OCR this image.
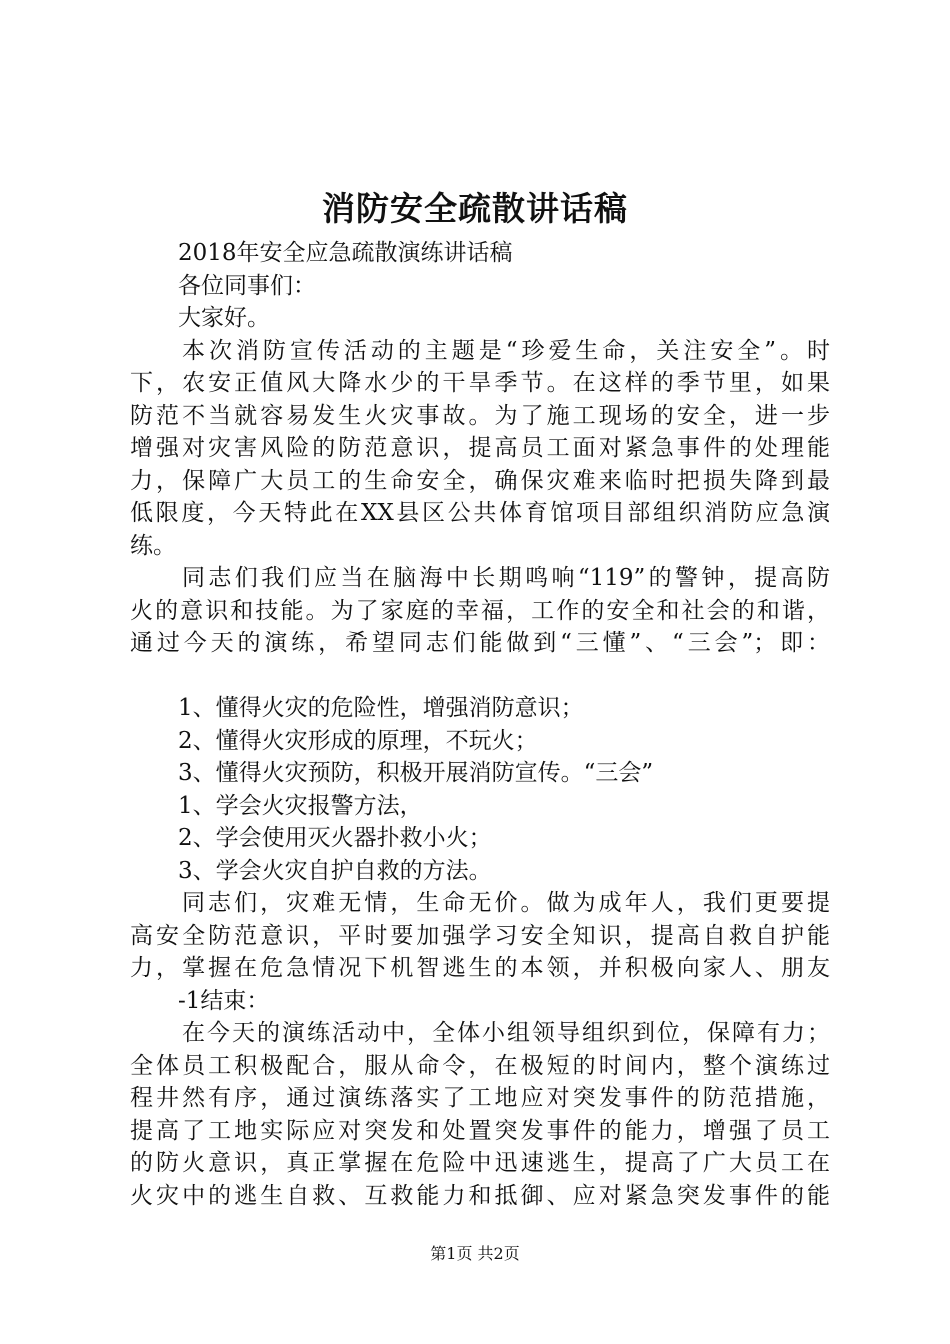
消防安全疏散讲话稿
2018年安全应急疏散演练讲话稿
各位同事们：
大家好。
本次消防宣传活动的主题是“珍爱生命，关注安全”。时
下，农安正值风大降水少的干旱季节。在这样的季节里，如果
防范不当就容易发生火灾事故。为了施工现场的安全，进一步
增强对灾害风险的防范意识，提高员工面对紧急事件的处理能
力，保障广大员工的生命安全，确保灾难来临时把损失降到最
低限度，今天特此在XX县区公共体育馆项目部组织消防应急演
练。
同志们我们应当在脑海中长期鸣响“119”的警钟，提高防
火的意识和技能。为了家庭的幸福，工作的安全和社会的和谐，
通过今天的演练，希望同志们能做到“三懂”、“三会”；即：
1、懂得火灾的危险性，增强消防意识；
2、懂得火灾形成的原理，不玩火；
3、懂得火灾预防，积极开展消防宣传。“三会”
1、学会火灾报警方法，
2、学会使用灭火器扑救小火；
3、学会火灾自护自救的方法。
同志们，灾难无情，生命无价。做为成年人，我们更要提
高安全防范意识，平时要加强学习安全知识，提高自救自护能
力，掌握在危急情况下机智逃生的本领，并积极向家人、朋友
-1结束：
在今天的演练活动中，全体小组领导组织到位，保障有力；
全体员工积极配合，服从命令，在极短的时间内，整个演练过
程井然有序，通过演练落实了工地应对突发事件的防范措施，
提高了工地实际应对突发和处置突发事件的能力，增强了员工
的防火意识，真正掌握在危险中迅速逃生，提高了广大员工在
火灾中的逃生自救、互救能力和抵御、应对紧急突发事件的能
第1页 共2页
